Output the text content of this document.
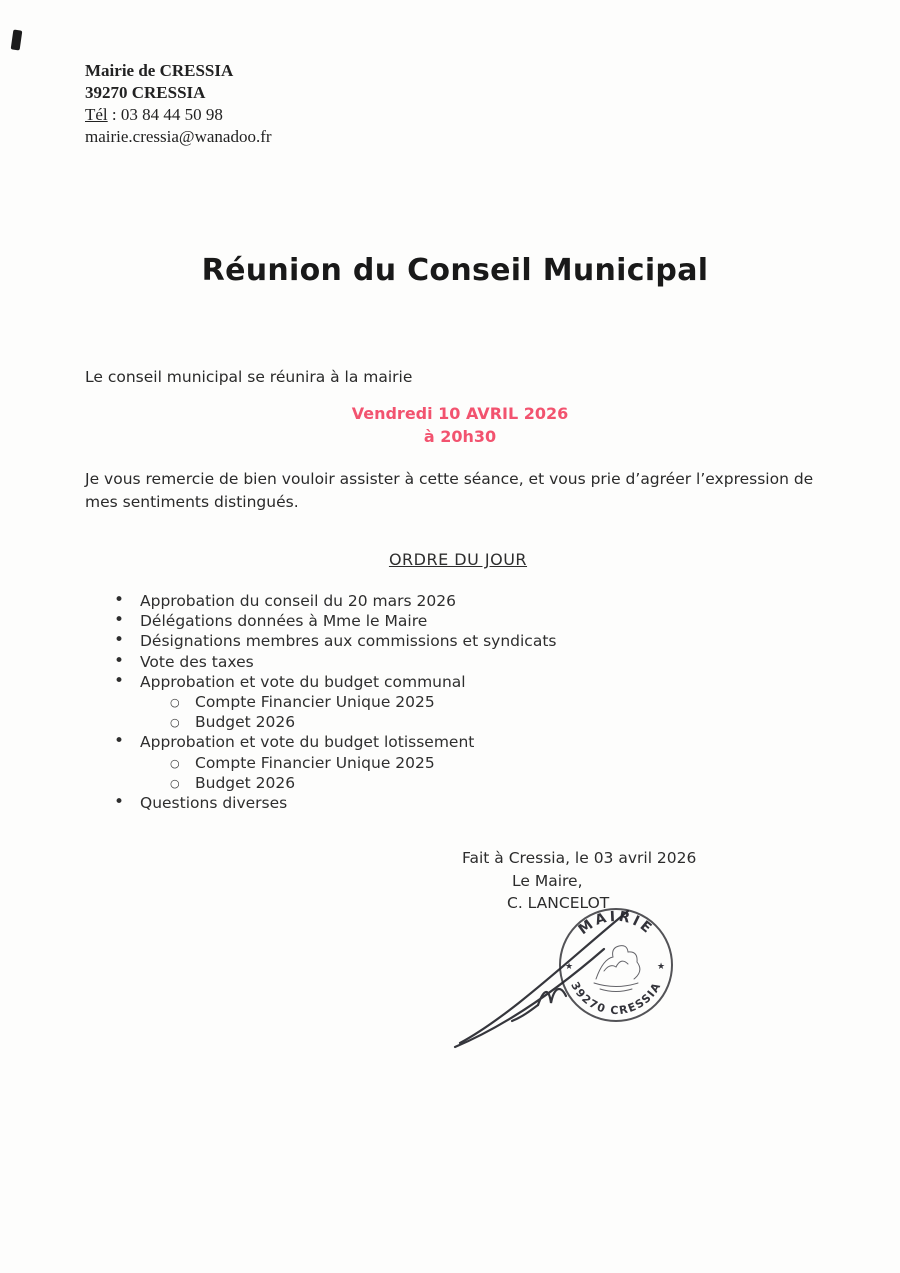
Mairie de CRESSIA
39270 CRESSIA
Tél : 03 84 44 50 98
mairie.cressia@wanadoo.fr
Réunion du Conseil Municipal

Le conseil municipal se réunira à la mairie

Vendredi 10 AVRIL 2026
à 20h30

Je vous remercie de bien vouloir assister à cette séance, et vous prie d’agréer l’expression de mes sentiments distingués.

ORDRE DU JOUR
• Approbation du conseil du 20 mars 2026
• Délégations données à Mme le Maire
• Désignations membres aux commissions et syndicats
• Vote des taxes
• Approbation et vote du budget communal
○ Compte Financier Unique 2025
○ Budget 2026
• Approbation et vote du budget lotissement
○ Compte Financier Unique 2025
○ Budget 2026
• Questions diverses
Fait à Cressia, le 03 avril 2026
Le Maire,
C. LANCELOT
MAIRIE
39270 CRESSIA
★	★
